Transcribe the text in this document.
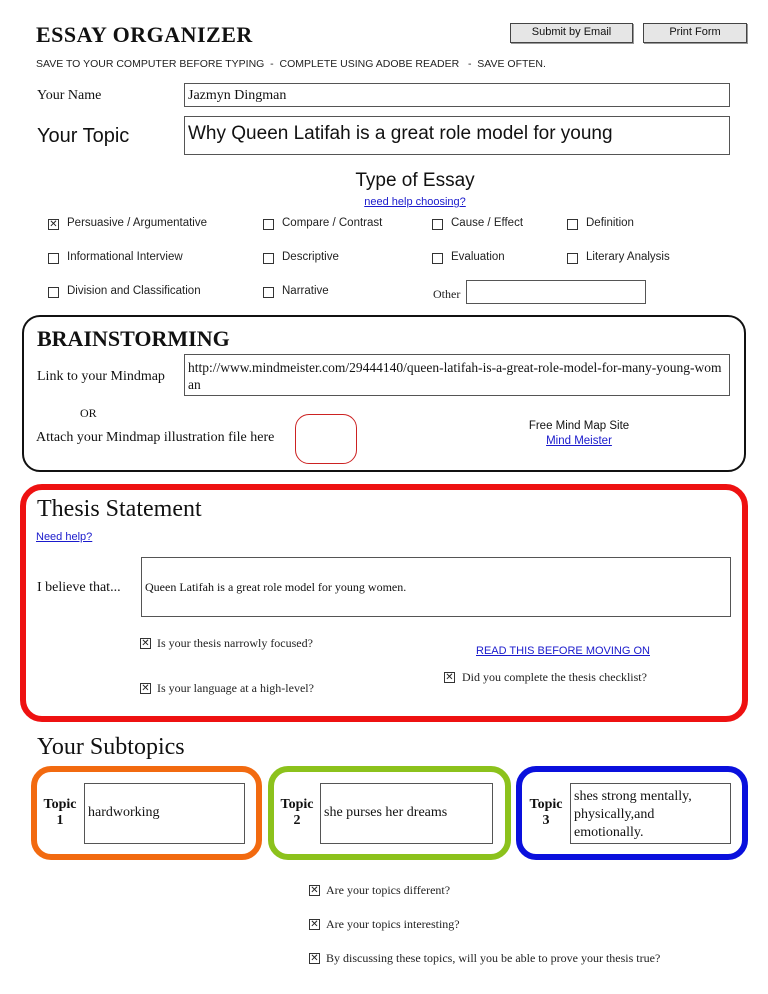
ESSAY ORGANIZER	Submit by Email	Print Form
SAVE TO YOUR COMPUTER BEFORE TYPING  -  COMPLETE USING ADOBE READER   -  SAVE OFTEN.
Your Name	Jazmyn Dingman
Your Topic	Why Queen Latifah is a great role model for young
Type of Essay
need help choosing?
✕ Persuasive / Argumentative	Compare / Contrast	Cause / Effect	Definition
Informational Interview	Descriptive	Evaluation	Literary Analysis
Division and Classification	Narrative	Other
BRAINSTORMING
Link to your Mindmap
http://www.mindmeister.com/29444140/queen-latifah-is-a-great-role-model-for-many-young-woman
OR
Attach your Mindmap illustration file here
Free Mind Map Site
Mind Meister
Thesis Statement
Need help?
I believe that...	Queen Latifah is a great role model for young women.
✕ Is your thesis narrowly focused?
✕ Is your language at a high-level?
READ THIS BEFORE MOVING ON
✕ Did you complete the thesis checklist?
Your Subtopics
Topic
1
hardworking
Topic
2
she purses her dreams
Topic
3
shes strong mentally, physically,and emotionally.
✕ Are your topics different?
✕ Are your topics interesting?
✕ By discussing these topics, will you be able to prove your thesis true?
